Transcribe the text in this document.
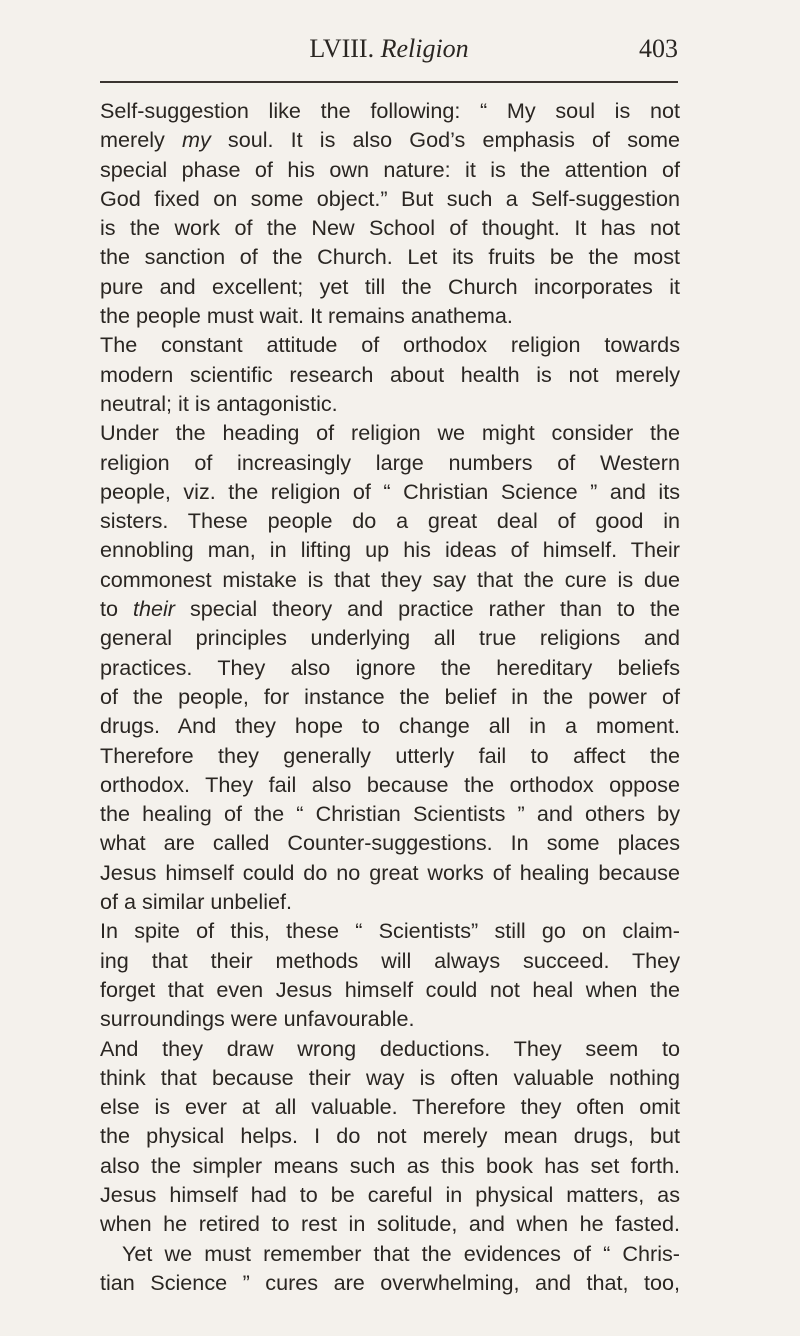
LVIII. Religion	403
Self-suggestion like the following: “ My soul is not
merely my soul. It is also God’s emphasis of some
special phase of his own nature: it is the attention of
God fixed on some object.” But such a Self-suggestion
is the work of the New School of thought. It has not
the sanction of the Church. Let its fruits be the most
pure and excellent; yet till the Church incorporates it
the people must wait. It remains anathema.
The constant attitude of orthodox religion towards
modern scientific research about health is not merely
neutral; it is antagonistic.
Under the heading of religion we might consider the
religion of increasingly large numbers of Western
people, viz. the religion of “ Christian Science ” and its
sisters. These people do a great deal of good in
ennobling man, in lifting up his ideas of himself. Their
commonest mistake is that they say that the cure is due
to their special theory and practice rather than to the
general principles underlying all true religions and
practices. They also ignore the hereditary beliefs
of the people, for instance the belief in the power of
drugs. And they hope to change all in a moment.
Therefore they generally utterly fail to affect the
orthodox. They fail also because the orthodox oppose
the healing of the “ Christian Scientists ” and others by
what are called Counter-suggestions. In some places
Jesus himself could do no great works of healing because
of a similar unbelief.
In spite of this, these “ Scientists” still go on claim-
ing that their methods will always succeed. They
forget that even Jesus himself could not heal when the
surroundings were unfavourable.
And they draw wrong deductions. They seem to
think that because their way is often valuable nothing
else is ever at all valuable. Therefore they often omit
the physical helps. I do not merely mean drugs, but
also the simpler means such as this book has set forth.
Jesus himself had to be careful in physical matters, as
when he retired to rest in solitude, and when he fasted.
Yet we must remember that the evidences of “ Chris-
tian Science ” cures are overwhelming, and that, too,
